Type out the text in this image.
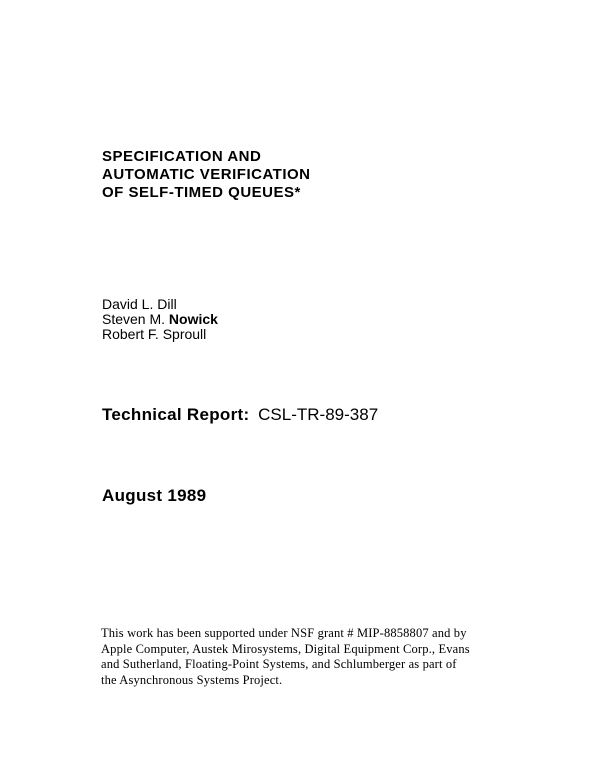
SPECIFICATION AND
AUTOMATIC VERIFICATION
OF SELF-TIMED QUEUES*
David L. Dill
Steven M. Nowick
Robert F. Sproull
Technical Report: CSL-TR-89-387
August 1989
This work has been supported under NSF grant # MIP-8858807 and by
Apple Computer, Austek Mirosystems, Digital Equipment Corp., Evans
and Sutherland, Floating-Point Systems, and Schlumberger as part of
the Asynchronous Systems Project.
